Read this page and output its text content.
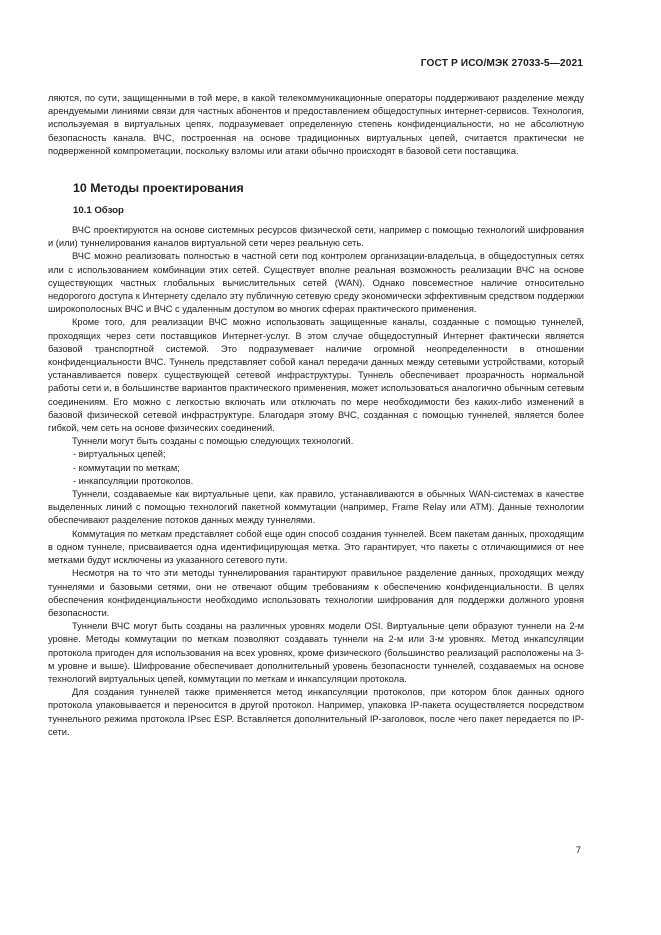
ГОСТ Р ИСО/МЭК 27033-5—2021

ляются, по сути, защищенными в той мере, в какой телекоммуникационные операторы поддерживают разделение между арендуемыми линиями связи для частных абонентов и предоставлением общедоступных интернет-сервисов. Технология, используемая в виртуальных цепях, подразумевает определенную степень конфиденциальности, но не абсолютную безопасность канала. ВЧС, построенная на основе традиционных виртуальных цепей, считается практически не подверженной компрометации, поскольку взломы или атаки обычно происходят в базовой сети поставщика.

10 Методы проектирования
10.1 Обзор

ВЧС проектируются на основе системных ресурсов физической сети, например с помощью технологий шифрования и (или) туннелирования каналов виртуальной сети через реальную сеть.

ВЧС можно реализовать полностью в частной сети под контролем организации-владельца, в общедоступных сетях или с использованием комбинации этих сетей. Существует вполне реальная возможность реализации ВЧС на основе существующих частных глобальных вычислительных сетей (WAN). Однако повсеместное наличие относительно недорогого доступа к Интернету сделало эту публичную сетевую среду экономически эффективным средством поддержки широкополосных ВЧС и ВЧС с удаленным доступом во многих сферах практического применения.

Кроме того, для реализации ВЧС можно использовать защищенные каналы, созданные с помощью туннелей, проходящих через сети поставщиков Интернет-услуг. В этом случае общедоступный Интернет фактически является базовой транспортной системой. Это подразумевает наличие огромной неопределенности в отношении конфиденциальности ВЧС. Туннель представляет собой канал передачи данных между сетевыми устройствами, который устанавливается поверх существующей сетевой инфраструктуры. Туннель обеспечивает прозрачность нормальной работы сети и, в большинстве вариантов практического применения, может использоваться аналогично обычным сетевым соединениям. Его можно с легкостью включать или отключать по мере необходимости без каких-либо изменений в базовой физической сетевой инфраструктуре. Благодаря этому ВЧС, созданная с помощью туннелей, является более гибкой, чем сеть на основе физических соединений.

Туннели могут быть созданы с помощью следующих технологий.

- виртуальных цепей;
- коммутации по меткам;
- инкапсуляции протоколов.

Туннели, создаваемые как виртуальные цепи, как правило, устанавливаются в обычных WAN-системах в качестве выделенных линий с помощью технологий пакетной коммутации (например, Frame Relay или ATM). Данные технологии обеспечивают разделение потоков данных между туннелями.

Коммутация по меткам представляет собой еще один способ создания туннелей. Всем пакетам данных, проходящим в одном туннеле, присваивается одна идентифицирующая метка. Это гарантирует, что пакеты с отличающимися от нее метками будут исключены из указанного сетевого пути.

Несмотря на то что эти методы туннелирования гарантируют правильное разделение данных, проходящих между туннелями и базовыми сетями, они не отвечают общим требованиям к обеспечению конфиденциальности. В целях обеспечения конфиденциальности необходимо использовать технологии шифрования для поддержки должного уровня безопасности.

Туннели ВЧС могут быть созданы на различных уровнях модели OSI. Виртуальные цепи образуют туннели на 2-м уровне. Методы коммутации по меткам позволяют создавать туннели на 2-м или 3-м уровнях. Метод инкапсуляции протокола пригоден для использования на всех уровнях, кроме физического (большинство реализаций расположены на 3-м уровне и выше). Шифрование обеспечивает дополнительный уровень безопасности туннелей, создаваемых на основе технологий виртуальных цепей, коммутации по меткам и инкапсуляции протокола.

Для создания туннелей также применяется метод инкапсуляции протоколов, при котором блок данных одного протокола упаковывается и переносится в другой протокол. Например, упаковка IP-пакета осуществляется посредством туннельного режима протокола IPsec ESP. Вставляется дополнительный IP-заголовок, после чего пакет передается по IP-сети.

7
